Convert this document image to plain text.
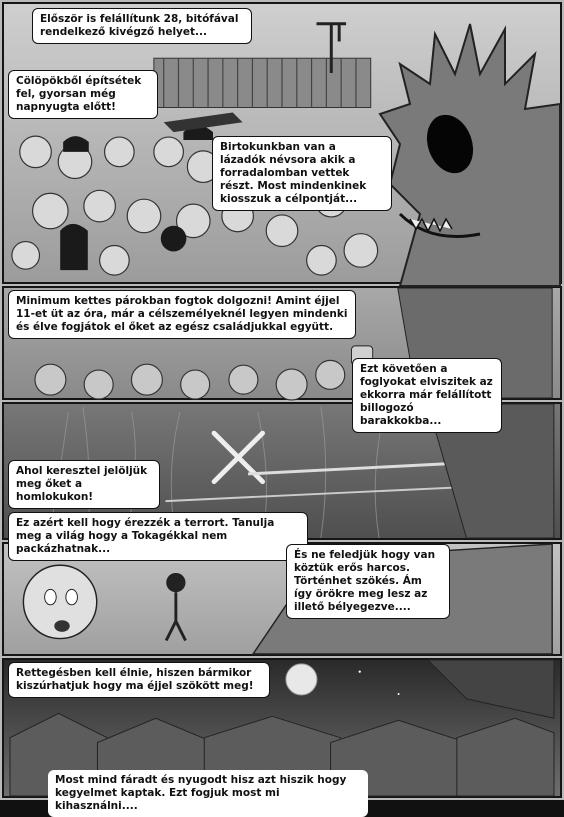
Először is felállítunk 28, bitófával rendelkező kivégző helyet...
Cölöpökből építsétek fel, gyorsan még napnyugta előtt!
Birtokunkban van a lázadók névsora akik a forradalomban vettek részt. Most mindenkinek kiosszuk a célpontját...
Minimum kettes párokban fogtok dolgozni! Amint éjjel 11-et üt az óra, már a célszemélyeknél legyen mindenki és élve fogjátok el őket az egész családjukkal együtt.
Ezt követően a foglyokat elviszitek az ekkorra már felállított billogozó barakkokba...
Ahol keresztel jelöljük meg őket a homlokukon!
Ez azért kell hogy érezzék a terrort. Tanulja meg a világ hogy a Tokagékkal nem packázhatnak...	És ne feledjük hogy van köztük erős harcos. Történhet szökés. Ám így örökre meg lesz az illető bélyegezve....
Rettegésben kell élnie, hiszen bármikor kiszúrhatjuk hogy ma éjjel szökött meg!
Most mind fáradt és nyugodt hisz azt hiszik hogy kegyelmet kaptak. Ezt fogjuk most mi kihasználni....
